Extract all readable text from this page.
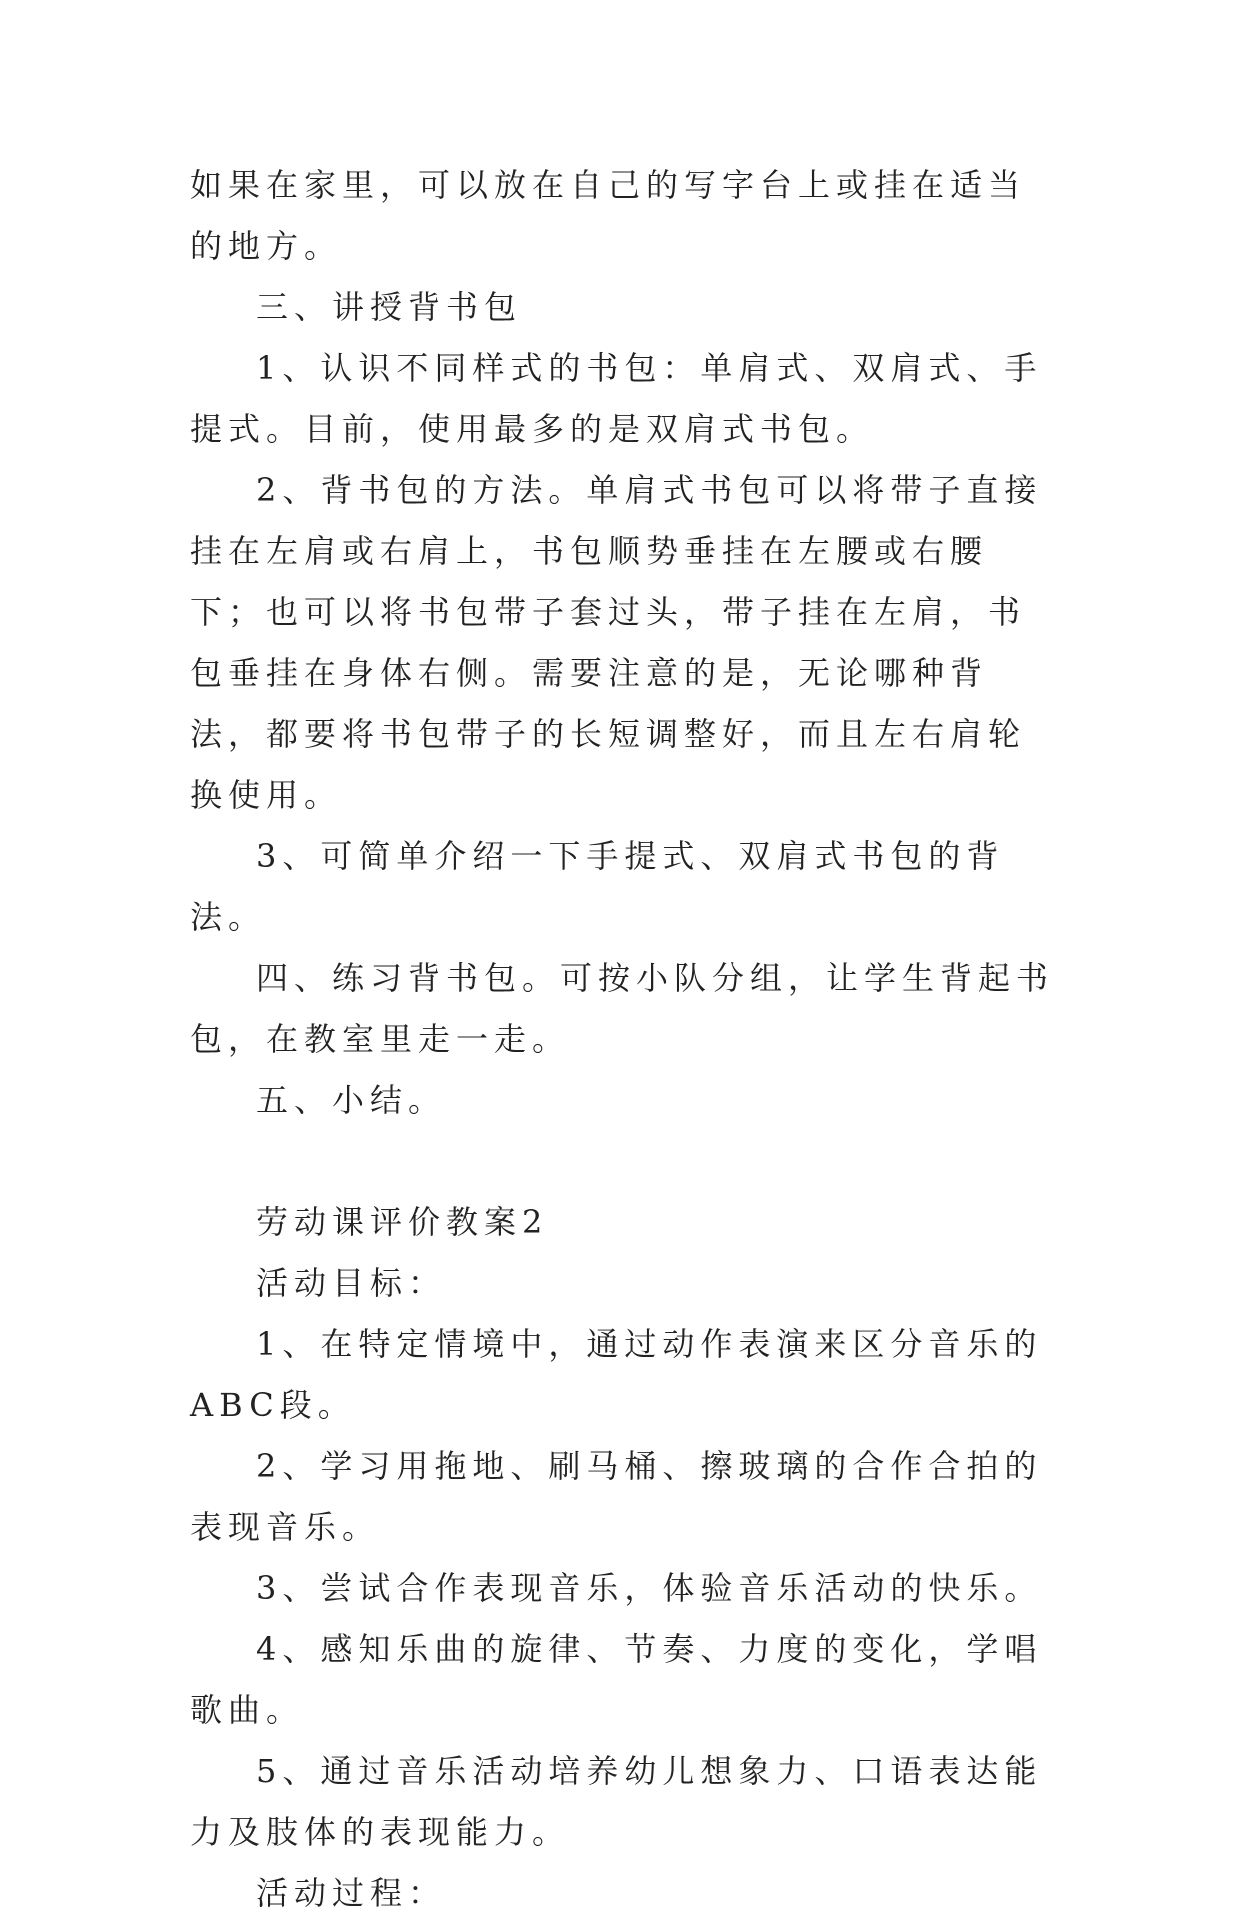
如果在家里，可以放在自己的写字台上或挂在适当的地方。

三、讲授背书包

1、认识不同样式的书包：单肩式、双肩式、手提式。目前，使用最多的是双肩式书包。

2、背书包的方法。单肩式书包可以将带子直接挂在左肩或右肩上，书包顺势垂挂在左腰或右腰下；也可以将书包带子套过头，带子挂在左肩，书包垂挂在身体右侧。需要注意的是，无论哪种背法，都要将书包带子的长短调整好，而且左右肩轮换使用。

3、可简单介绍一下手提式、双肩式书包的背法。

四、练习背书包。可按小队分组，让学生背起书包，在教室里走一走。

五、小结。

劳动课评价教案2

活动目标：

1、在特定情境中，通过动作表演来区分音乐的ABC段。

2、学习用拖地、刷马桶、擦玻璃的合作合拍的表现音乐。

3、尝试合作表现音乐，体验音乐活动的快乐。

4、感知乐曲的旋律、节奏、力度的变化，学唱歌曲。

5、通过音乐活动培养幼儿想象力、口语表达能力及肢体的表现能力。

活动过程：
